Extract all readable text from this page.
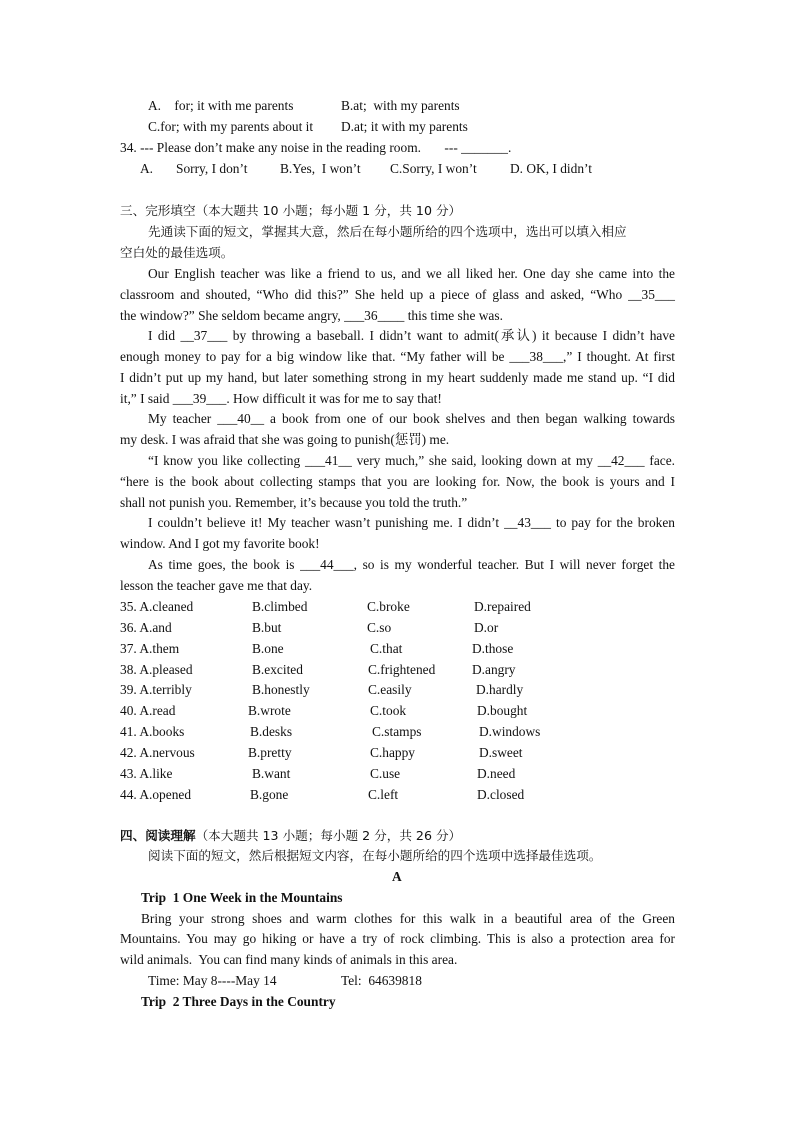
A.    for; it with me parents	B.at;  with my parents
C.for; with my parents about it D.at; it with my parents
34. --- Please don’t make any noise in the reading room.       --- _______.
A. Sorry, I don’t B.Yes,  I won’t C.Sorry, I won’t D. OK, I didn’t
三、完形填空（本大题共 10 小题；每小题 1 分，共 10 分）
先通读下面的短文，掌握其大意，然后在每小题所给的四个选项中，选出可以填入相应
空白处的最佳选项。
Our English teacher was like a friend to us, and we all liked her. One day she came into the
classroom and shouted, “Who did this?” She held up a piece of glass and asked, “Who __35___
the window?” She seldom became angry, ___36____ this time she was.
I did __37___ by throwing a baseball. I didn’t want to admit(承认) it because I didn’t have
enough money to pay for a big window like that. “My father will be ___38___,” I thought. At first
I didn’t put up my hand, but later something strong in my heart suddenly made me stand up. “I did
it,” I said ___39___. How difficult it was for me to say that!
My teacher ___40__ a book from one of our book shelves and then began walking towards
my desk. I was afraid that she was going to punish(惩罚) me.
“I know you like collecting ___41__ very much,” she said, looking down at my __42___ face.
“here is the book about collecting stamps that you are looking for. Now, the book is yours and I
shall not punish you. Remember, it’s because you told the truth.”
I couldn’t believe it! My teacher wasn’t punishing me. I didn’t __43___ to pay for the broken
window. And I got my favorite book!
As time goes, the book is ___44___, so is my wonderful teacher. But I will never forget the
lesson the teacher gave me that day.
35. A.cleaned	B.climbed	C.broke	D.repaired
36. A.and	B.but	C.so	D.or
37. A.them	B.one	C.that	D.those
38. A.pleased	B.excited	C.frightened	D.angry
39. A.terribly	B.honestly	C.easily	D.hardly
40. A.read	B.wrote	C.took	D.bought
41. A.books	B.desks	C.stamps	D.windows
42. A.nervous	B.pretty	C.happy	D.sweet
43. A.like	B.want	C.use	D.need
44. A.opened	B.gone	C.left	D.closed
四、阅读理解（本大题共 13 小题；每小题 2 分，共 26 分）
阅读下面的短文，然后根据短文内容，在每小题所给的四个选项中选择最佳选项。
A
Trip  1 One Week in the Mountains
Bring your strong shoes and warm clothes for this walk in a beautiful area of the Green
Mountains. You may go hiking or have a try of rock climbing. This is also a protection area for
wild animals.  You can find many kinds of animals in this area.
Time: May 8----May 14	Tel:  64639818
Trip  2 Three Days in the Country
